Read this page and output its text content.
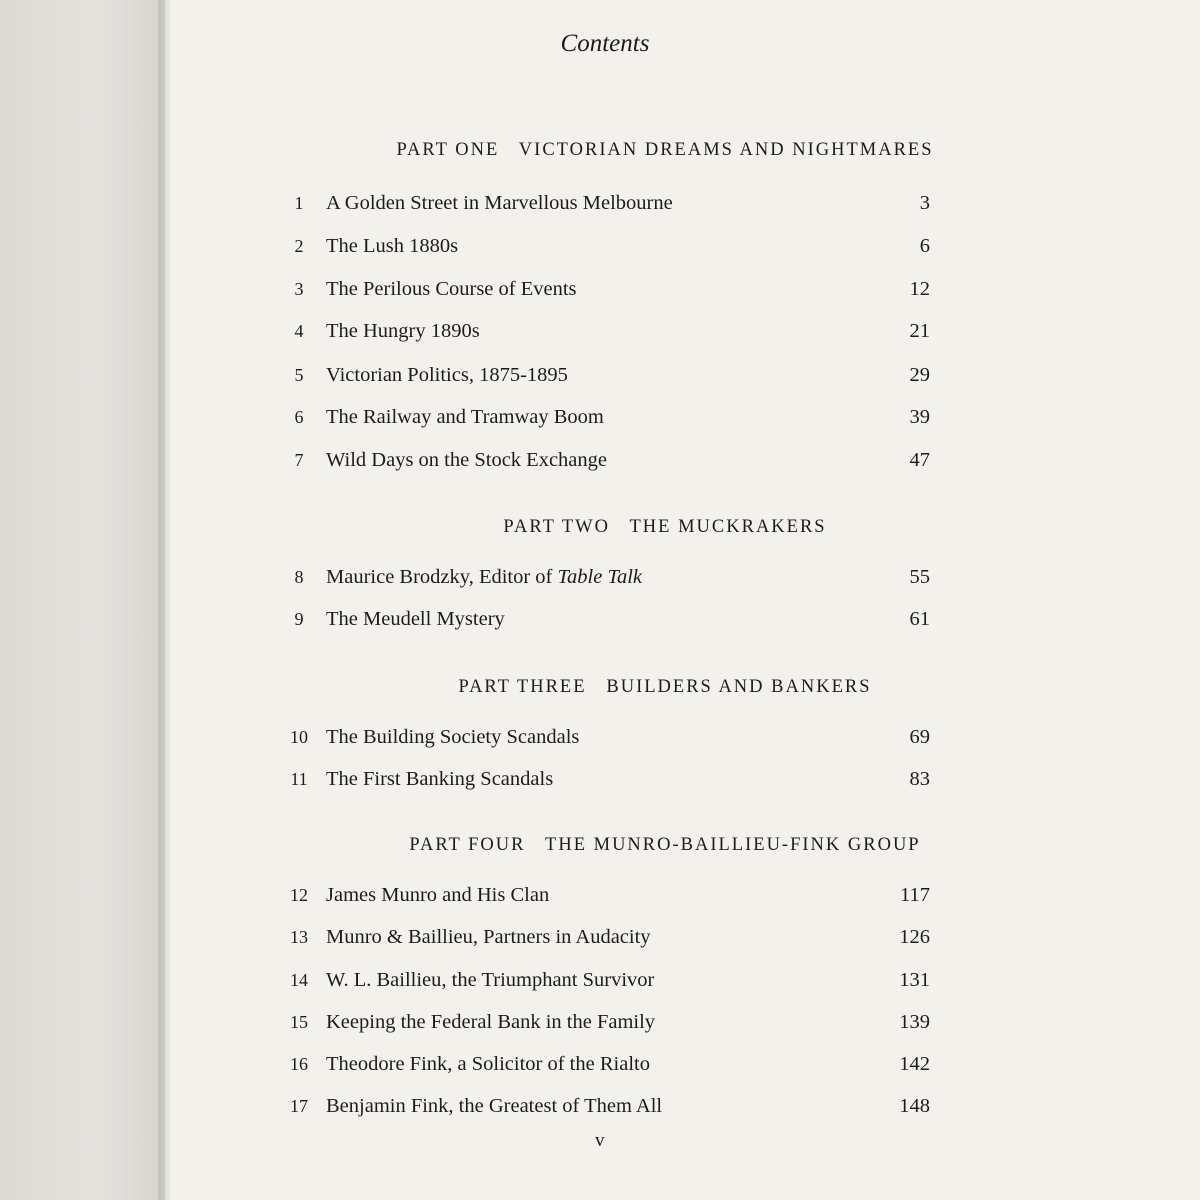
Contents
PART ONE   VICTORIAN DREAMS AND NIGHTMARES
1	A Golden Street in Marvellous Melbourne	3
2	The Lush 1880s	6
3	The Perilous Course of Events	12
4	The Hungry 1890s	21
5	Victorian Politics, 1875-1895	29
6	The Railway and Tramway Boom	39
7	Wild Days on the Stock Exchange	47
PART TWO   THE MUCKRAKERS
8	Maurice Brodzky, Editor of Table Talk	55
9	The Meudell Mystery	61
PART THREE   BUILDERS AND BANKERS
10 The Building Society Scandals	69
11 The First Banking Scandals	83
PART FOUR   THE MUNRO-BAILLIEU-FINK GROUP
12 James Munro and His Clan	117
13 Munro & Baillieu, Partners in Audacity	126
14 W. L. Baillieu, the Triumphant Survivor	131
15 Keeping the Federal Bank in the Family	139
16 Theodore Fink, a Solicitor of the Rialto	142
17 Benjamin Fink, the Greatest of Them All	148
v
